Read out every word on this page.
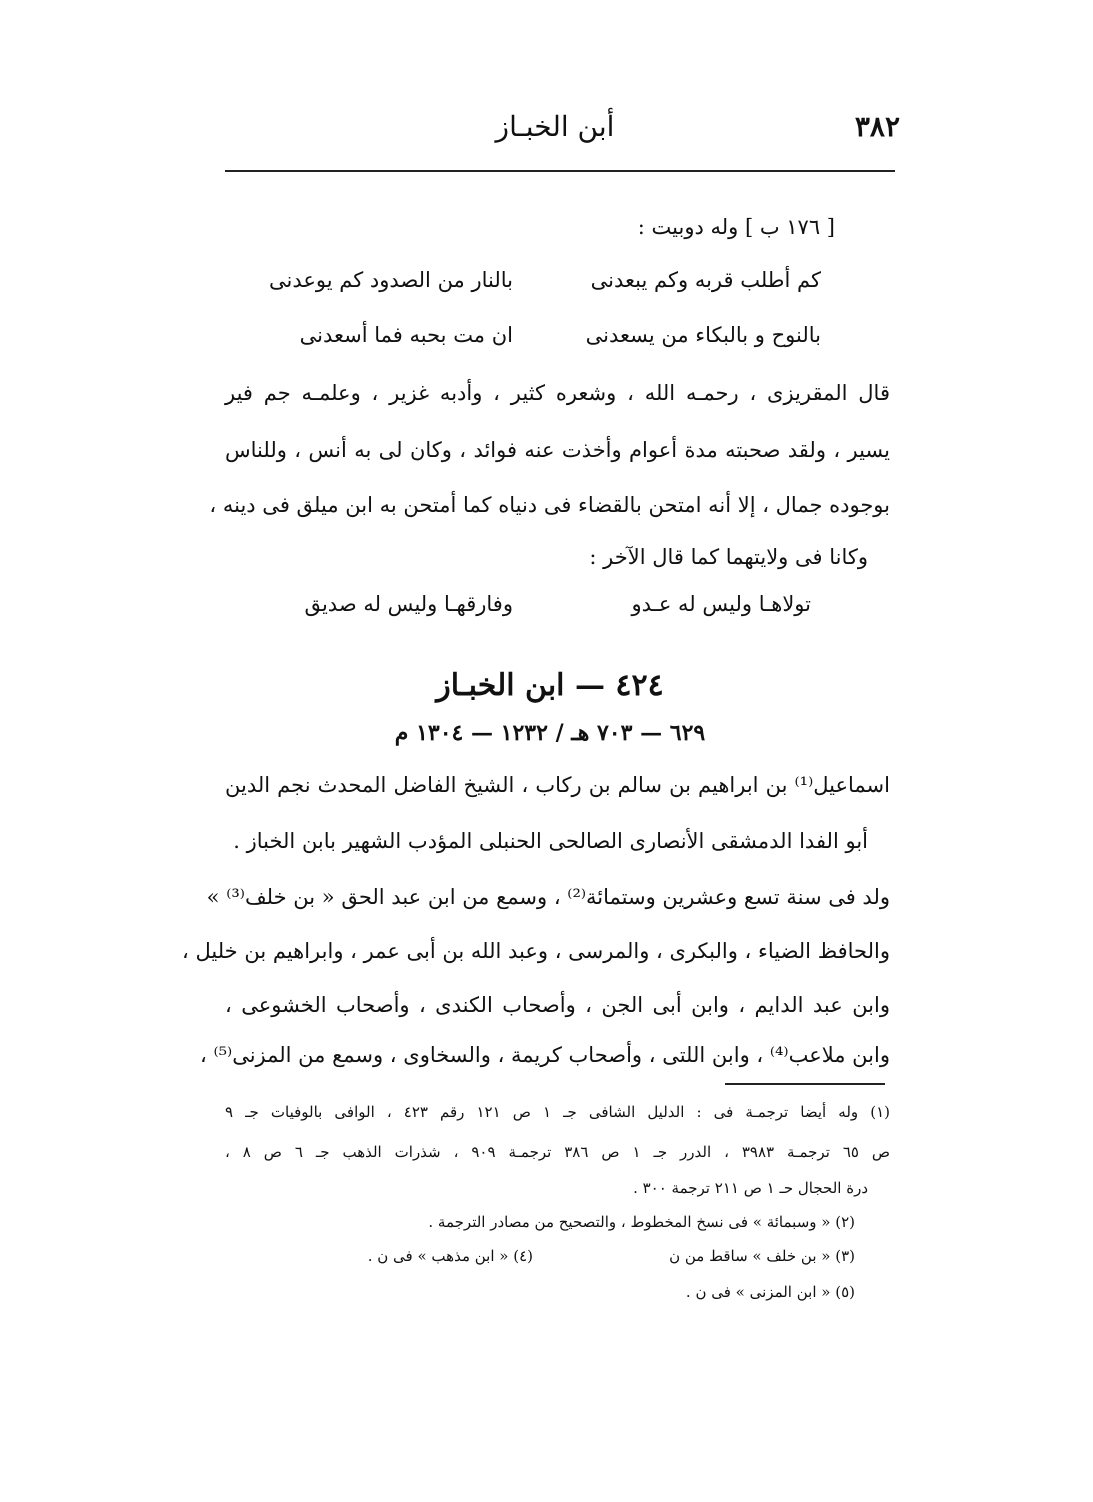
٣٨٢
أبن الخبـاز
[ ١٧٦ ب ] وله دوبيت :
كم أطلب قربه وكم يبعدنى
بالنار من الصدود كم يوعدنى
بالنوح و بالبكاء من يسعدنى
ان مت بحبه فما أسعدنى
قال المقريزى ، رحمـه الله ، وشعره كثير ، وأدبه غزير ، وعلمـه جم فير
يسير ، ولقد صحبته مدة أعوام وأخذت عنه فوائد ، وكان لى به أنس ، وللناس
بوجوده جمال ، إلا أنه امتحن بالقضاء فى دنياه كما أمتحن به ابن ميلق فى دينه ،
وكانا فى ولايتهما كما قال الآخر :
تولاهـا وليس له عـدو
وفارقهـا وليس له صديق
٤٢٤ — ابن الخبـاز
٦٢٩ — ٧٠٣ هـ / ١٢٣٢ — ١٣٠٤ م
اسماعيل⁽¹⁾ بن ابراهيم بن سالم بن ركاب ، الشيخ الفاضل المحدث نجم الدين
أبو الفدا الدمشقى الأنصارى الصالحى الحنبلى المؤدب الشهير بابن الخباز .
ولد فى سنة تسع وعشرين وستمائة⁽²⁾ ، وسمع من ابن عبد الحق « بن خلف⁽³⁾ »
والحافظ الضياء ، والبكرى ، والمرسى ، وعبد الله بن أبى عمر ، وابراهيم بن خليل ،
وابن عبد الدايم ، وابن أبى الجن ، وأصحاب الكندى ، وأصحاب الخشوعى ،
وابن ملاعب⁽⁴⁾ ، وابن اللتى ، وأصحاب كريمة ، والسخاوى ، وسمع من المزنى⁽⁵⁾ ،
(١) وله أيضا ترجمـة فى : الدليل الشافى جـ ١ ص ١٢١ رقم ٤٢٣ ، الوافى بالوفيات جـ ٩
ص ٦٥ ترجمـة ٣٩٨٣ ، الدرر جـ ١ ص ٣٨٦ ترجمـة ٩٠٩ ، شذرات الذهب جـ ٦ ص ٨ ،
درة الحجال حـ ١ ص ٢١١ ترجمة ٣٠٠ .
(٢) « وسبمائة » فى نسخ المخطوط ، والتصحيح من مصادر الترجمة .
(٣) « بن خلف » ساقط من ن
(٤) « ابن مذهب » فى ن .
(٥) « ابن المزنى » فى ن .
